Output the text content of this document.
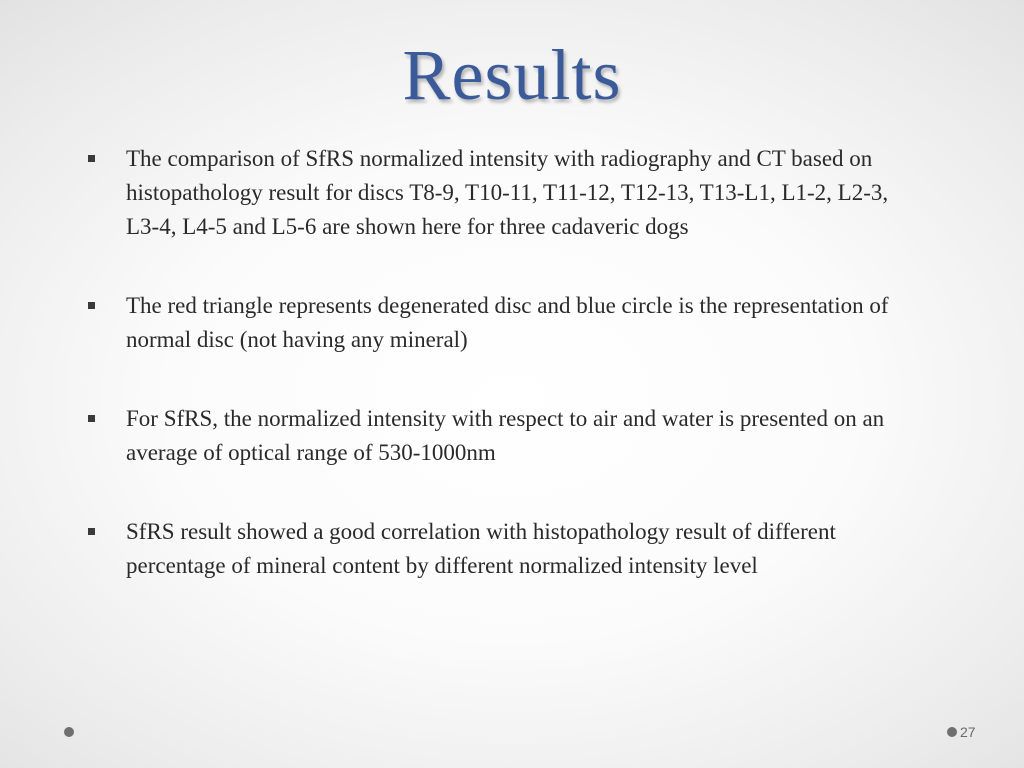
Results
The comparison of SfRS normalized intensity with radiography and CT based on histopathology result for discs T8-9, T10-11, T11-12, T12-13, T13-L1, L1-2, L2-3, L3-4, L4-5 and L5-6 are shown here for three cadaveric dogs
The red triangle represents degenerated disc and blue circle is the representation of normal disc (not having any mineral)
For SfRS, the normalized intensity with respect to air and water is presented on an average of optical range of 530-1000nm
SfRS result showed a good correlation with histopathology result of different percentage of mineral content by different normalized intensity level
27
